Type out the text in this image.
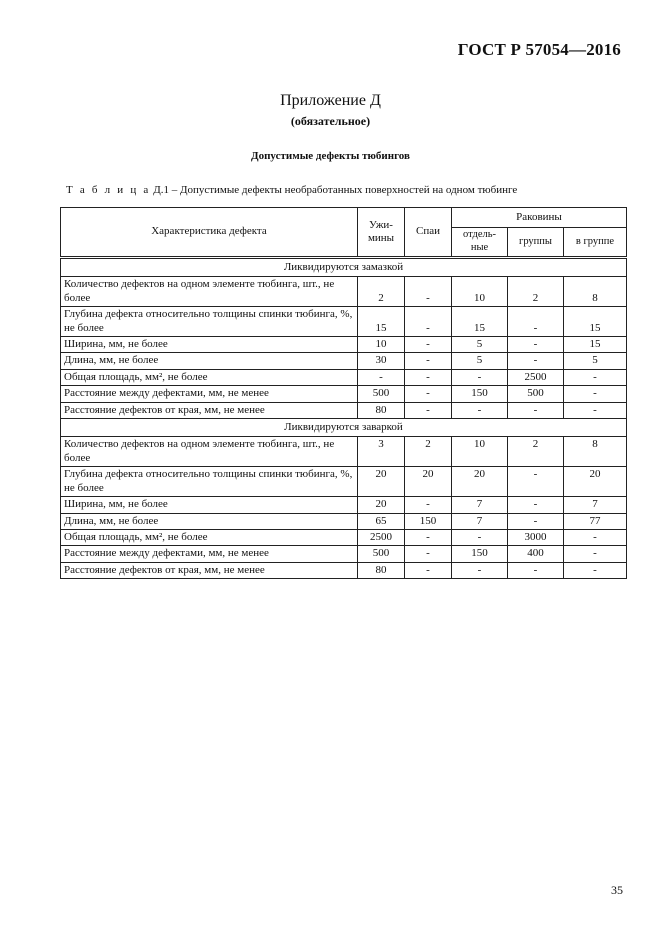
ГОСТ Р 57054—2016
Приложение Д
(обязательное)
Допустимые дефекты тюбингов
Т а б л и ц а Д.1 – Допустимые дефекты необработанных поверхностей на одном тюбинге
Характеристика дефекта	Ужи-мины	Спаи	Раковины		
			отдель-ные	группы	в группе
Ликвидируются замазкой					
Количество дефектов на одном элементе тюбинга, шт., не более	2	-	10	2	8
Глубина дефекта относительно толщины спинки тюбинга, %, не более	15	-	15	-	15
Ширина, мм, не более	10	-	5	-	15
Длина, мм, не более	30	-	5	-	5
Общая площадь, мм², не более	-	-	-	2500	-
Расстояние между дефектами, мм, не менее	500	-	150	500	-
Расстояние дефектов от края, мм, не менее	80	-	-	-	-
Ликвидируются заваркой					
Количество дефектов на одном элементе тюбинга, шт., не более	3	2	10	2	8
Глубина дефекта относительно толщины спинки тюбинга, %, не более	20	20	20	-	20
Ширина, мм, не более	20	-	7	-	7
Длина, мм, не более	65	150	7	-	77
Общая площадь, мм², не более	2500	-	-	3000	-
Расстояние между дефектами, мм, не менее	500	-	150	400	-
Расстояние дефектов от края, мм, не менее	80	-	-	-	-
35
